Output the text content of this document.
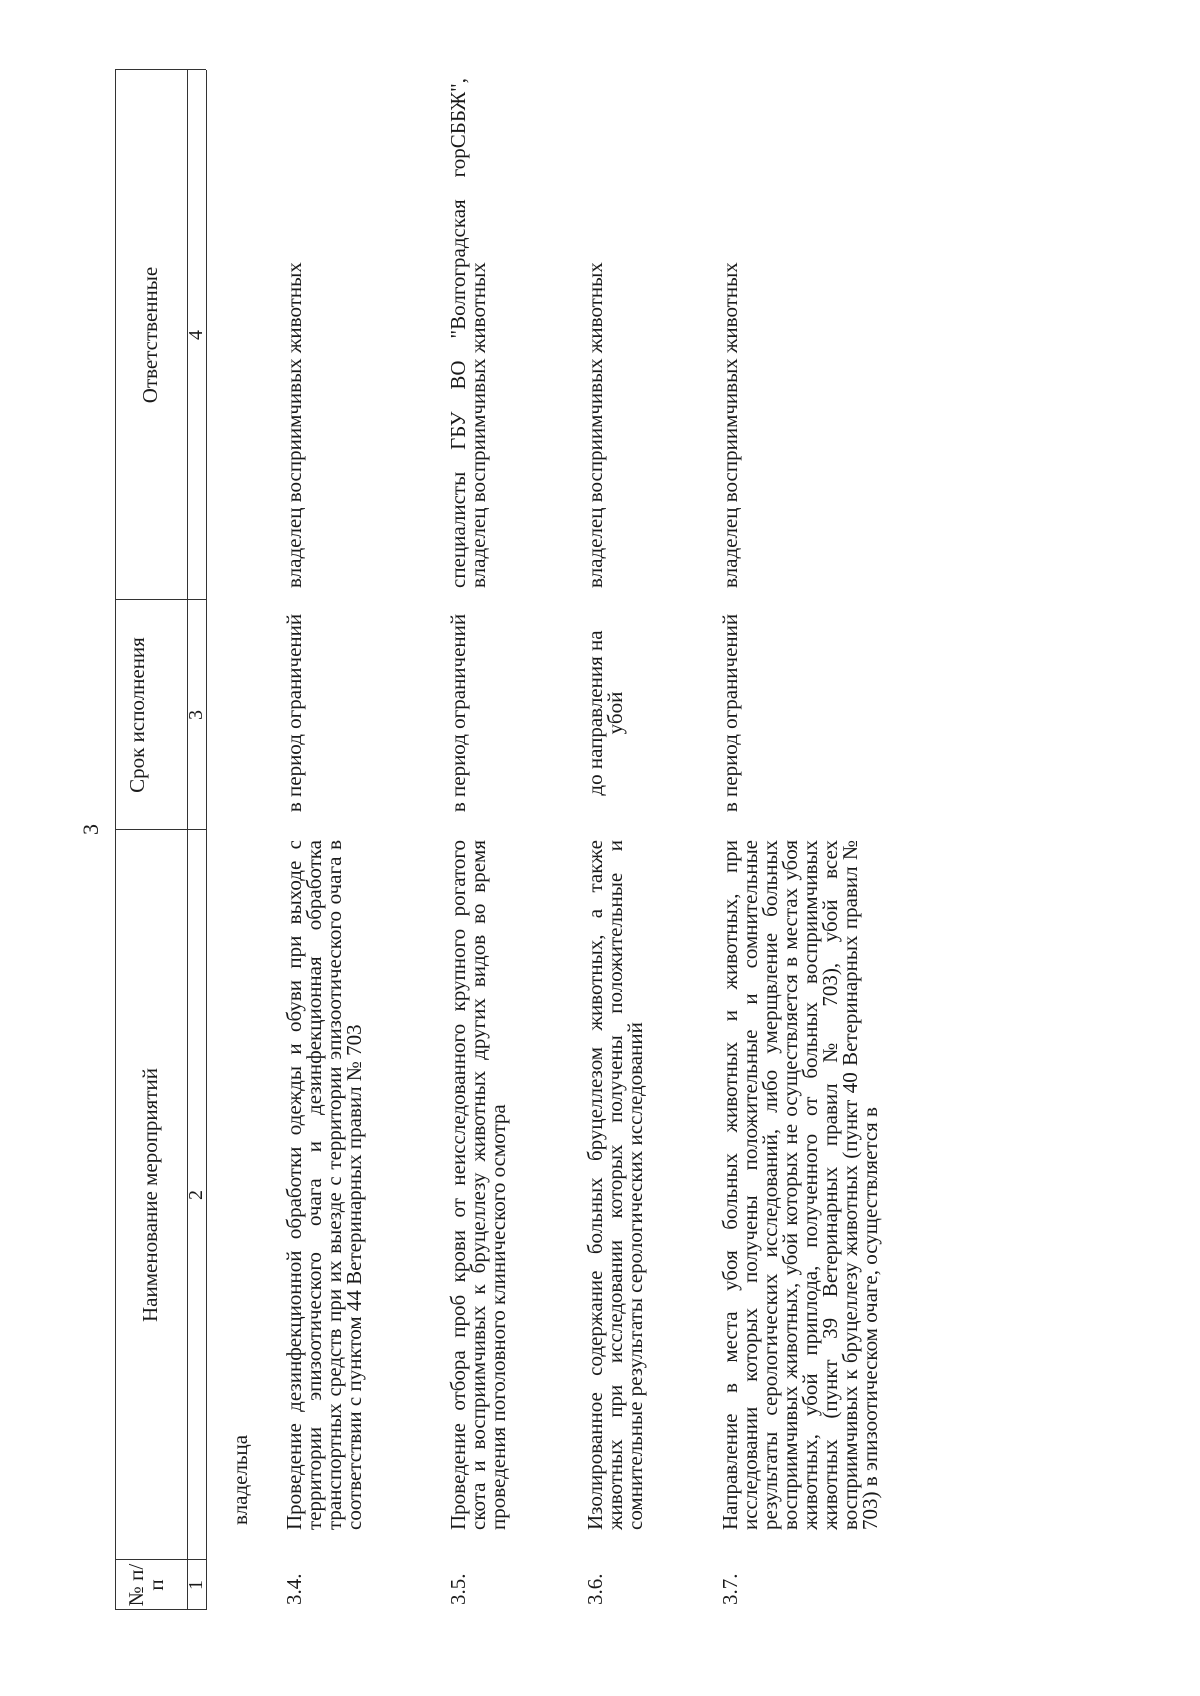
3
№ п/п
Наименование мероприятий
Срок исполнения
Ответственные
1
2
3
4
владельца
3.4.
Проведение дезинфекционной обработки одежды и обуви при выходе с территории эпизоотического очага и дезинфекционная обработка транспортных средств при их выезде с территории эпизоотического очага в соответствии с пунктом 44 Ветеринарных правил № 703
в период ограничений
владелец восприимчивых животных
3.5.
Проведение отбора проб крови от неисследованного крупного рогатого скота и восприимчивых к бруцеллезу животных других видов во время проведения поголовного клинического осмотра
в период ограничений
специалисты ГБУ ВО "Волгоградская горСББЖ", владелец восприимчивых животных
3.6.
Изолированное содержание больных бруцеллезом животных, а также животных при исследовании которых получены положительные и сомнительные результаты серологических исследований
до направления на убой
владелец восприимчивых животных
3.7.
Направление в места убоя больных животных и животных, при исследовании которых получены положительные и сомнительные результаты серологических исследований, либо умерщвление больных восприимчивых животных, убой которых не осуществляется в местах убоя животных, убой приплода, полученного от больных восприимчивых животных (пункт 39 Ветеринарных правил № 703), убой всех восприимчивых к бруцеллезу животных (пункт 40 Ветеринарных правил № 703) в эпизоотическом очаге, осуществляется в
в период ограничений
владелец восприимчивых животных
